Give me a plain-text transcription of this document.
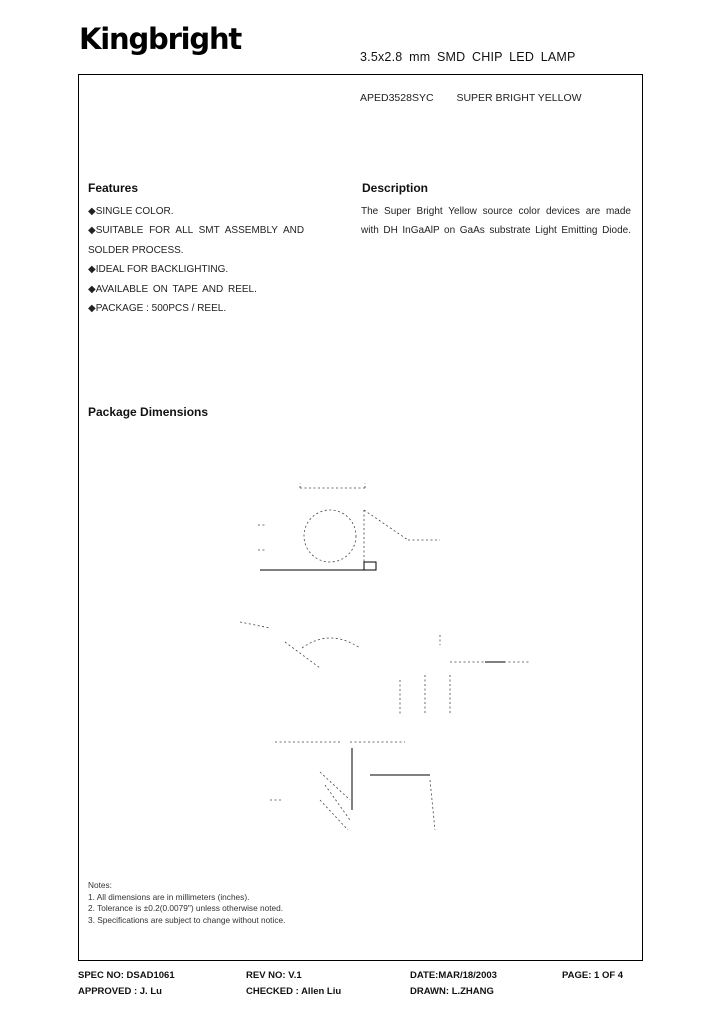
Kingbright
3.5x2.8 mm SMD CHIP LED LAMP
APED3528SYC SUPER BRIGHT YELLOW
Features
◆SINGLE COLOR.
◆SUITABLE FOR ALL SMT ASSEMBLY AND
SOLDER PROCESS.
◆IDEAL FOR BACKLIGHTING.
◆AVAILABLE ON TAPE AND REEL.
◆PACKAGE : 500PCS / REEL.
Description
The Super Bright Yellow source color devices are made
with DH InGaAlP on GaAs substrate Light Emitting Diode.
Package Dimensions
Notes:
1. All dimensions are in millimeters (inches).
2. Tolerance is ±0.2(0.0079") unless otherwise noted.
3. Specifications are subject to change without notice.
SPEC NO: DSAD1061	REV NO: V.1	DATE:MAR/18/2003	PAGE: 1 OF 4
APPROVED : J. Lu	CHECKED : Allen Liu	DRAWN: L.ZHANG
